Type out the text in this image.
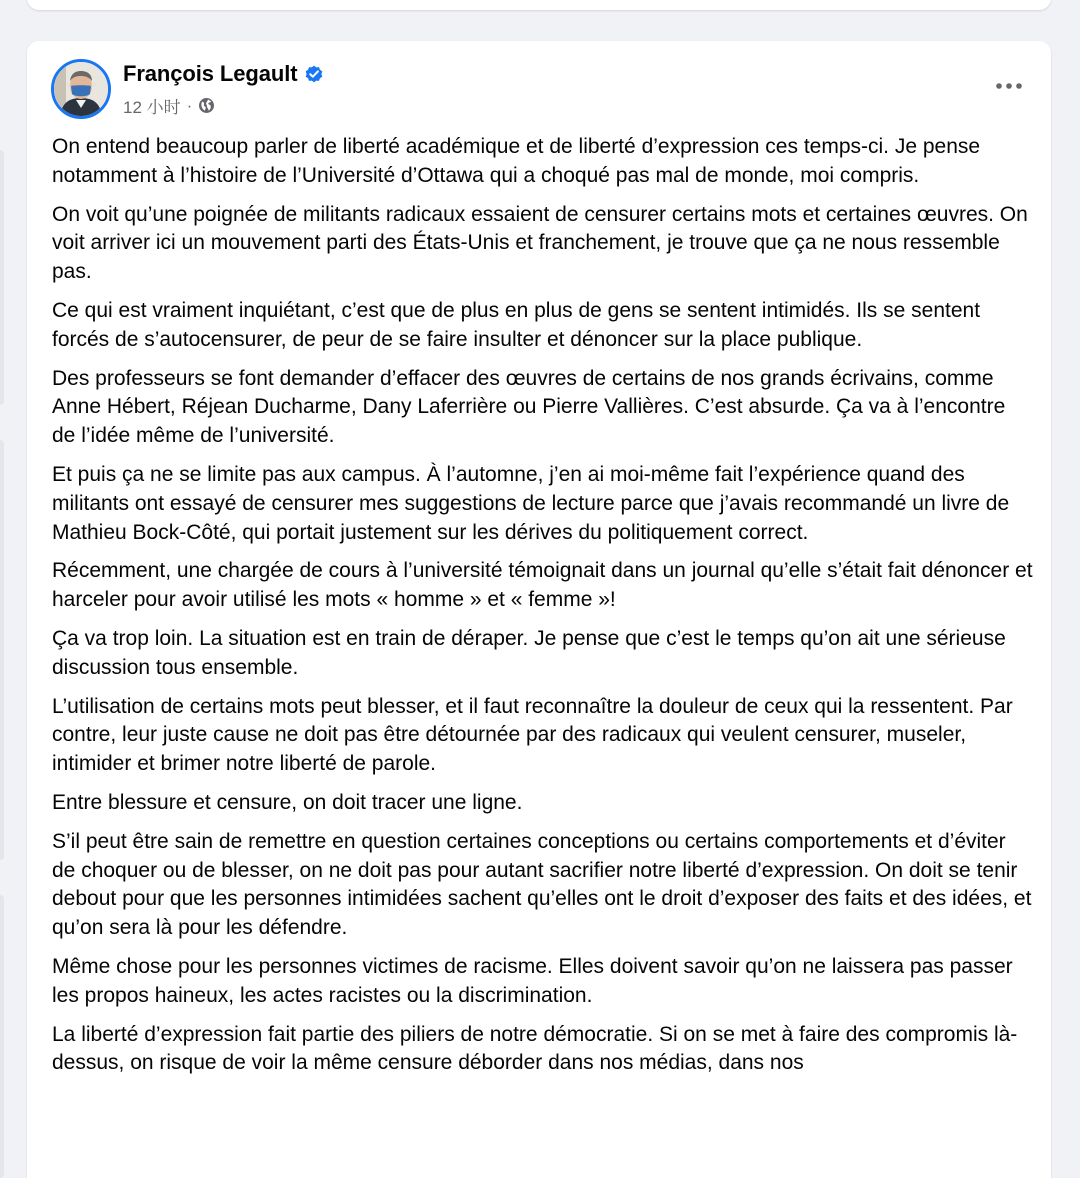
François Legault
12 小时 ·

On entend beaucoup parler de liberté académique et de liberté d’expression ces temps-ci. Je pense notamment à l’histoire de l’Université d’Ottawa qui a choqué pas mal de monde, moi compris.

On voit qu’une poignée de militants radicaux essaient de censurer certains mots et certaines œuvres. On voit arriver ici un mouvement parti des États-Unis et franchement, je trouve que ça ne nous ressemble pas.

Ce qui est vraiment inquiétant, c’est que de plus en plus de gens se sentent intimidés. Ils se sentent forcés de s’autocensurer, de peur de se faire insulter et dénoncer sur la place publique.

Des professeurs se font demander d’effacer des œuvres de certains de nos grands écrivains, comme Anne Hébert, Réjean Ducharme, Dany Laferrière ou Pierre Vallières. C’est absurde. Ça va à l’encontre de l’idée même de l’université.

Et puis ça ne se limite pas aux campus. À l’automne, j’en ai moi-même fait l’expérience quand des militants ont essayé de censurer mes suggestions de lecture parce que j’avais recommandé un livre de Mathieu Bock-Côté, qui portait justement sur les dérives du politiquement correct.

Récemment, une chargée de cours à l’université témoignait dans un journal qu’elle s’était fait dénoncer et harceler pour avoir utilisé les mots « homme » et « femme »!

Ça va trop loin. La situation est en train de déraper. Je pense que c’est le temps qu’on ait une sérieuse discussion tous ensemble.

L’utilisation de certains mots peut blesser, et il faut reconnaître la douleur de ceux qui la ressentent. Par contre, leur juste cause ne doit pas être détournée par des radicaux qui veulent censurer, museler, intimider et brimer notre liberté de parole.

Entre blessure et censure, on doit tracer une ligne.

S’il peut être sain de remettre en question certaines conceptions ou certains comportements et d’éviter de choquer ou de blesser, on ne doit pas pour autant sacrifier notre liberté d’expression. On doit se tenir debout pour que les personnes intimidées sachent qu’elles ont le droit d’exposer des faits et des idées, et qu’on sera là pour les défendre.

Même chose pour les personnes victimes de racisme. Elles doivent savoir qu’on ne laissera pas passer les propos haineux, les actes racistes ou la discrimination.

La liberté d’expression fait partie des piliers de notre démocratie. Si on se met à faire des compromis là-dessus, on risque de voir la même censure déborder dans nos médias, dans nos
